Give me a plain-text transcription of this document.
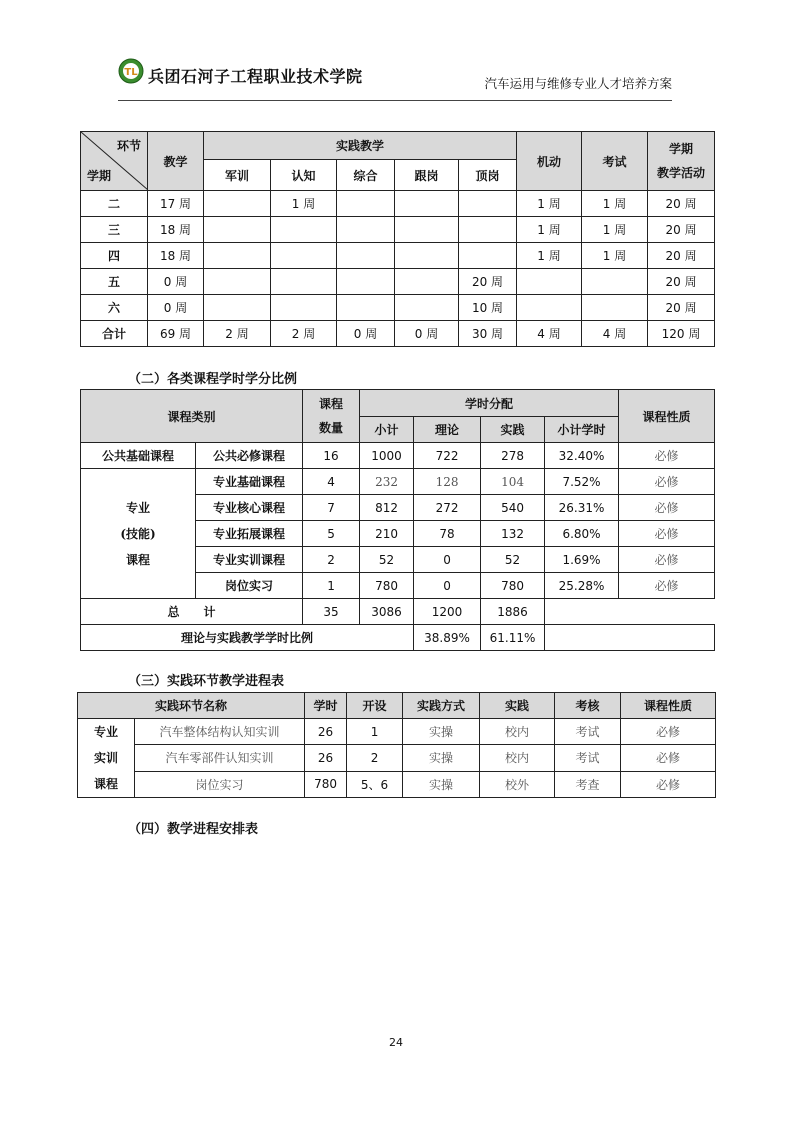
TL 兵团石河子工程职业技术学院	汽车运用与维修专业人才培养方案
环节
学期	教学	实践教学					机动	考试	学期
教学活动
		军训	认知	综合	跟岗	顶岗			
二	17 周		1 周				1 周	1 周	20 周
三	18 周						1 周	1 周	20 周
四	18 周						1 周	1 周	20 周
五	0 周					20 周			20 周
六	0 周					10 周			20 周
合计	69 周	2 周	2 周	0 周	0 周	30 周	4 周	4 周	120 周
（二）各类课程学时学分比例
课程类别		课程
数量	学时分配				课程性质
			小计	理论	实践	小计学时	
公共基础课程	公共必修课程	16	1000	722	278	32.40%	必修
专业
(技能)
课程	专业基础课程	4	232	128	104	7.52%	必修
	专业核心课程	7	812	272	540	26.31%	必修
	专业拓展课程	5	210	78	132	6.80%	必修
	专业实训课程	2	52	0	52	1.69%	必修
	岗位实习	1	780	0	780	25.28%	必修
总　　计		35	3086	1200	1886		
理论与实践教学学时比例				38.89%	61.11%		
（三）实践环节教学进程表
实践环节名称		学时	开设	实践方式	实践	考核	课程性质
专业
实训
课程	汽车整体结构认知实训	26	1	实操	校内	考试	必修
	汽车零部件认知实训	26	2	实操	校内	考试	必修
	岗位实习	780	5、6	实操	校外	考查	必修
（四）教学进程安排表
24
